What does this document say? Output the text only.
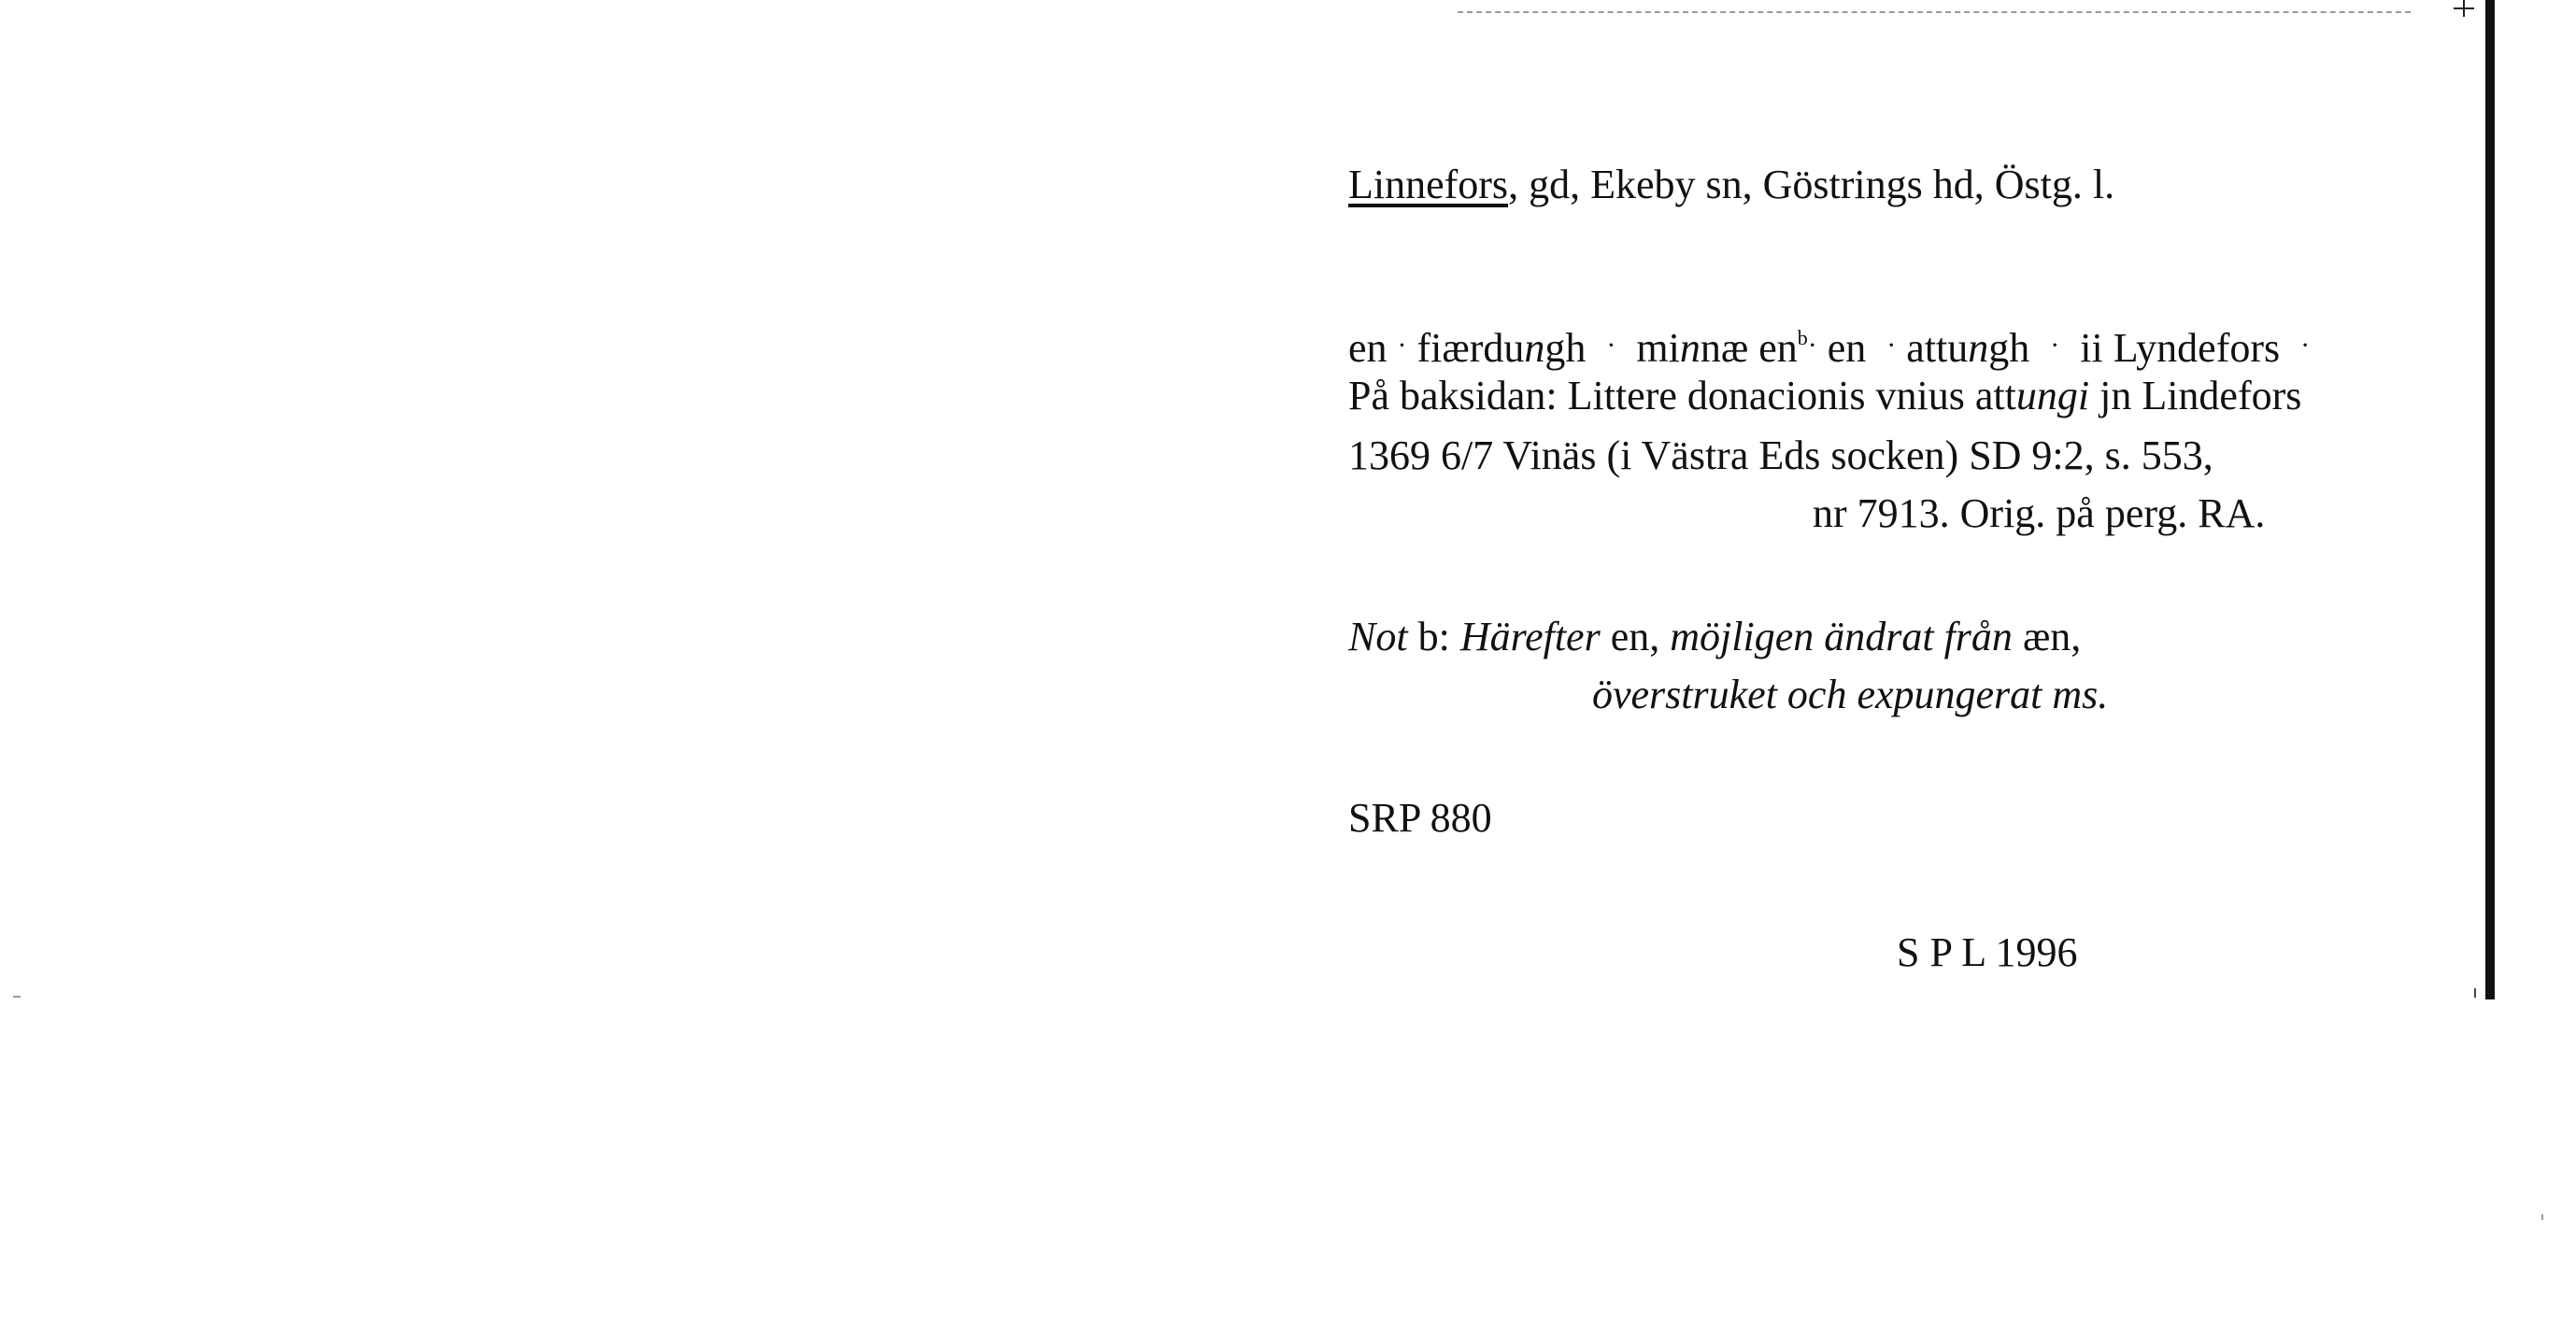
Linnefors, gd, Ekeby sn, Göstrings hd, Östg. l.
en · fiærdungh · minnæ $en^b\cdot$ en · attungh · ii Lyndefors ·
På baksidan: Littere donacionis vnius attungi jn Lindefors
1369 6/7 Vinäs (i Västra Eds socken) SD 9:2, s. 553,
nr 7913. Orig. på perg. RA.
Not b: Härefter en, möjligen ändrat från æn,
överstruket och expungerat ms.
SRP 880
S P L 1996
